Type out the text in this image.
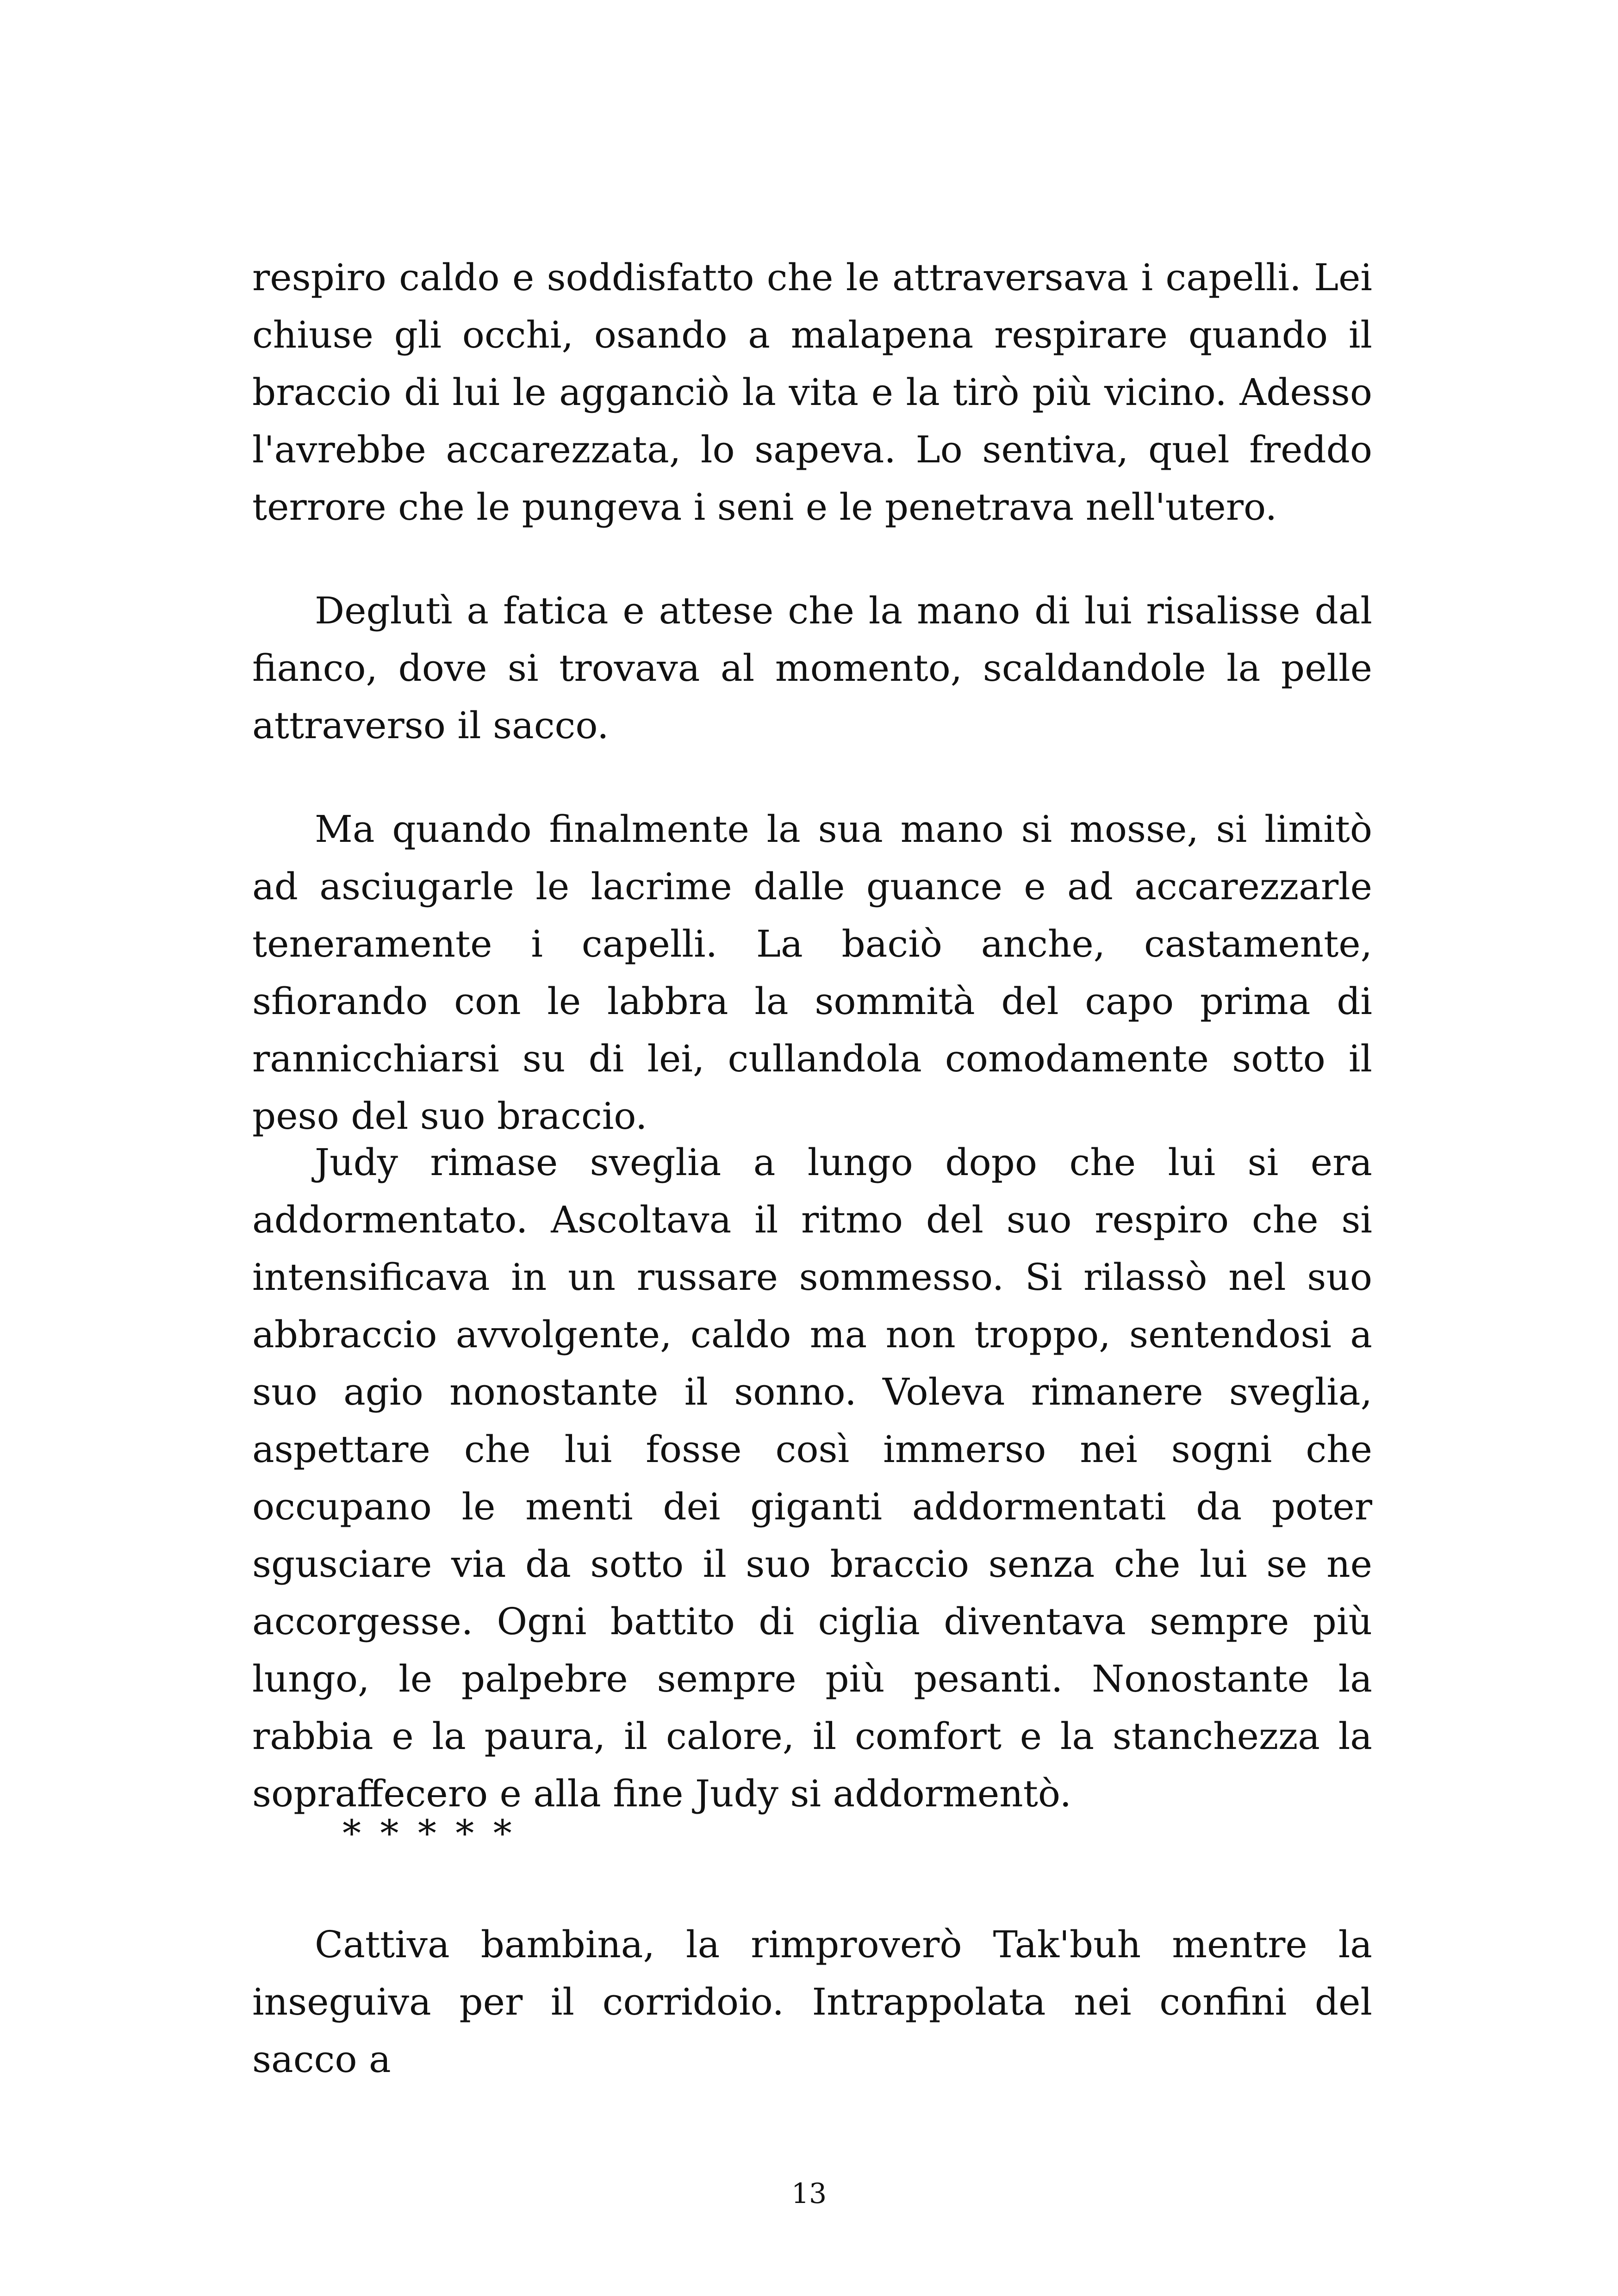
respiro caldo e soddisfatto che le attraversava i capelli. Lei chiuse gli occhi, osando a malapena respirare quando il braccio di lui le agganciò la vita e la tirò più vicino. Adesso l'avrebbe accarezzata, lo sapeva. Lo sentiva, quel freddo terrore che le pungeva i seni e le penetrava nell'utero.

Deglutì a fatica e attese che la mano di lui risalisse dal fianco, dove si trovava al momento, scaldandole la pelle attraverso il sacco.

Ma quando finalmente la sua mano si mosse, si limitò ad asciugarle le lacrime dalle guance e ad accarezzarle teneramente i capelli. La baciò anche, castamente, sfiorando con le labbra la sommità del capo prima di rannicchiarsi su di lei, cullandola comodamente sotto il peso del suo braccio.

Judy rimase sveglia a lungo dopo che lui si era addormentato. Ascoltava il ritmo del suo respiro che si intensificava in un russare sommesso. Si rilassò nel suo abbraccio avvolgente, caldo ma non troppo, sentendosi a suo agio nonostante il sonno. Voleva rimanere sveglia, aspettare che lui fosse così immerso nei sogni che occupano le menti dei giganti addormentati da poter sgusciare via da sotto il suo braccio senza che lui se ne accorgesse. Ogni battito di ciglia diventava sempre più lungo, le palpebre sempre più pesanti. Nonostante la rabbia e la paura, il calore, il comfort e la stanchezza la sopraffecero e alla fine Judy si addormentò.

* * * * *

Cattiva bambina, la rimproverò Tak'buh mentre la inseguiva per il corridoio. Intrappolata nei confini del sacco a

13
